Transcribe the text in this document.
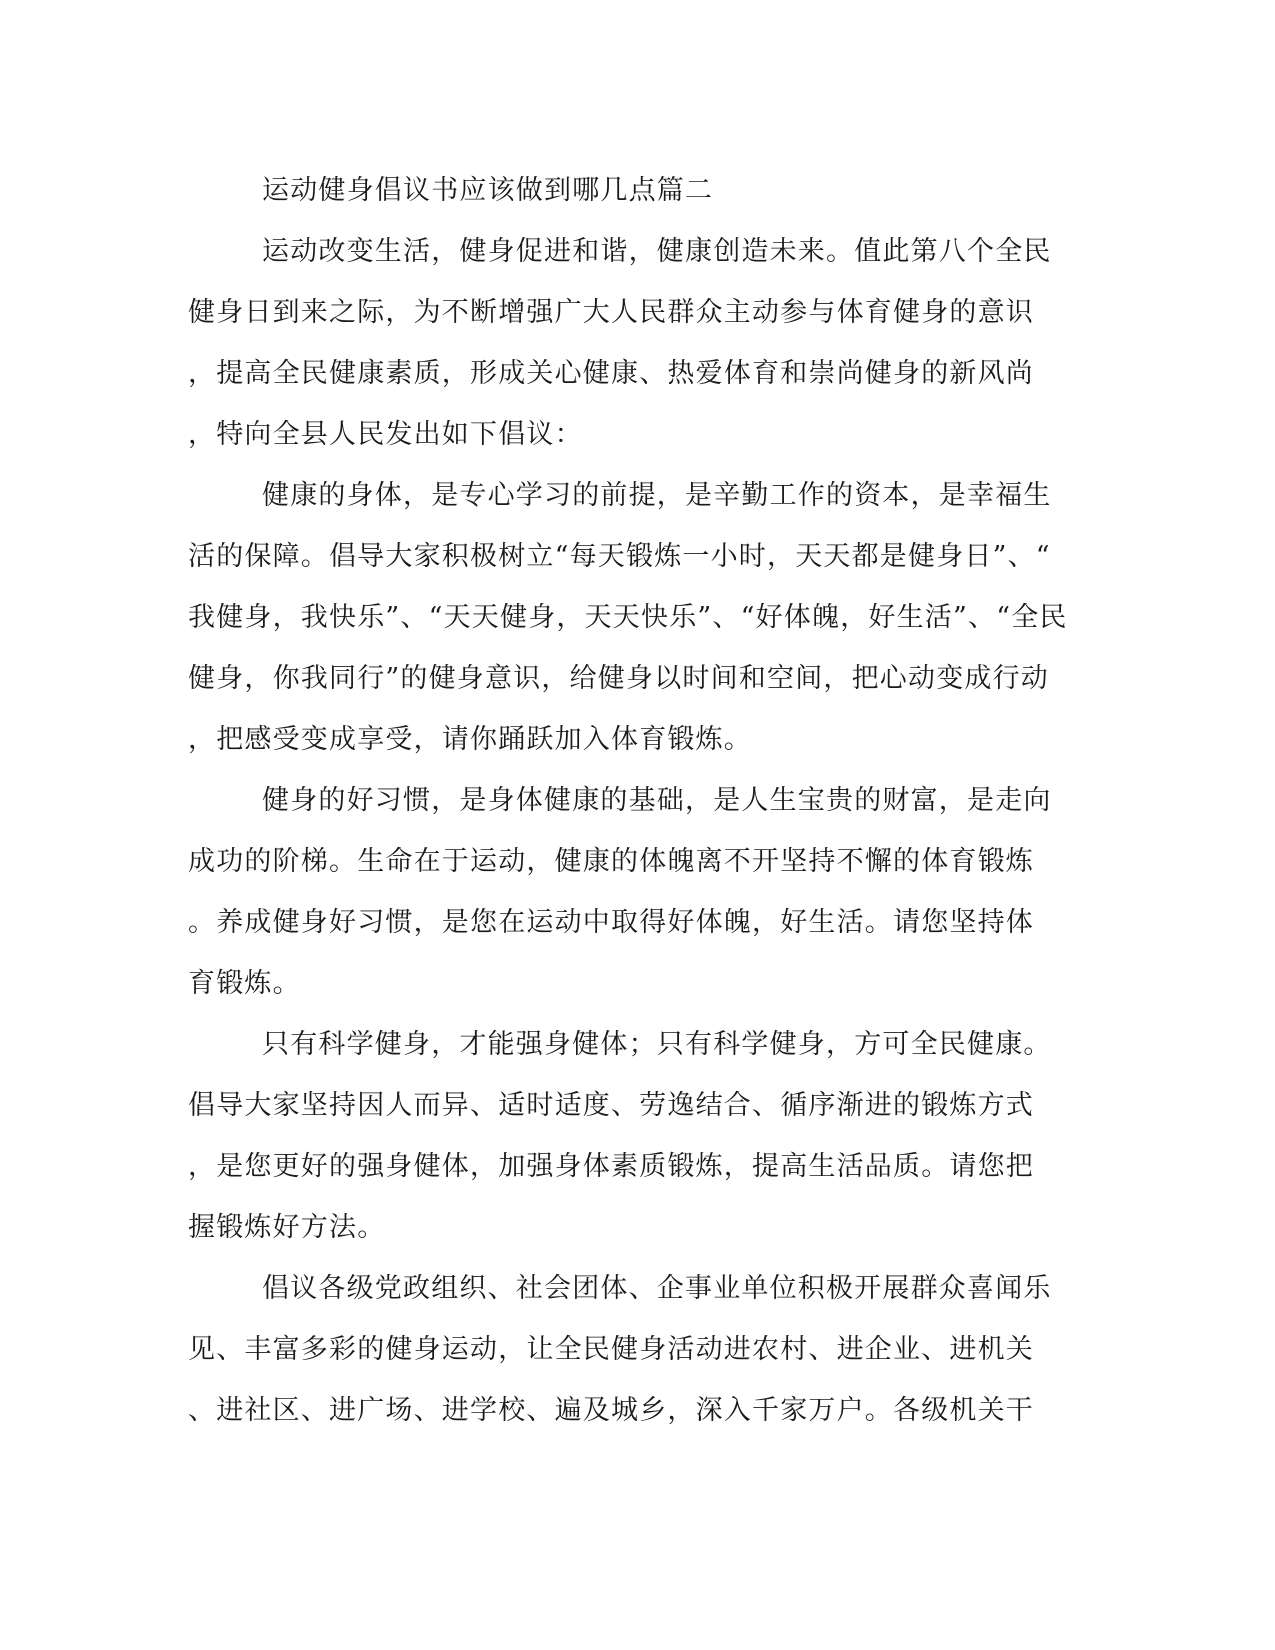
运动健身倡议书应该做到哪几点篇二
运动改变生活，健身促进和谐，健康创造未来。值此第八个全民
健身日到来之际，为不断增强广大人民群众主动参与体育健身的意识
，提高全民健康素质，形成关心健康、热爱体育和崇尚健身的新风尚
，特向全县人民发出如下倡议：
健康的身体，是专心学习的前提，是辛勤工作的资本，是幸福生
活的保障。倡导大家积极树立“每天锻炼一小时，天天都是健身日”、“
我健身，我快乐”、“天天健身，天天快乐”、“好体魄，好生活”、“全民
健身，你我同行”的健身意识，给健身以时间和空间，把心动变成行动
，把感受变成享受，请你踊跃加入体育锻炼。
健身的好习惯，是身体健康的基础，是人生宝贵的财富，是走向
成功的阶梯。生命在于运动，健康的体魄离不开坚持不懈的体育锻炼
。养成健身好习惯，是您在运动中取得好体魄，好生活。请您坚持体
育锻炼。
只有科学健身，才能强身健体；只有科学健身，方可全民健康。
倡导大家坚持因人而异、适时适度、劳逸结合、循序渐进的锻炼方式
，是您更好的强身健体，加强身体素质锻炼，提高生活品质。请您把
握锻炼好方法。
倡议各级党政组织、社会团体、企事业单位积极开展群众喜闻乐
见、丰富多彩的健身运动，让全民健身活动进农村、进企业、进机关
、进社区、进广场、进学校、遍及城乡，深入千家万户。各级机关干
